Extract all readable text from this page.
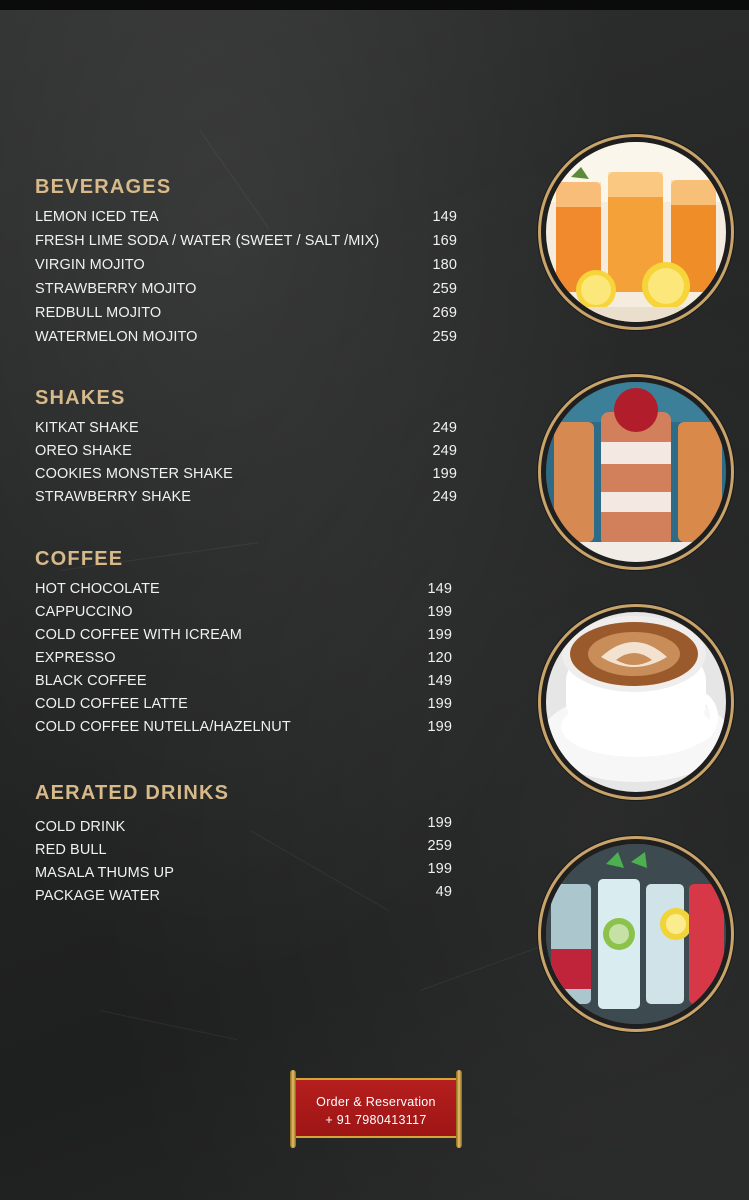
BEVERAGES
LEMON ICED TEA	149
FRESH LIME SODA / WATER (SWEET / SALT /MIX)	169
VIRGIN MOJITO	180
STRAWBERRY MOJITO	259
REDBULL MOJITO	269
WATERMELON MOJITO	259
SHAKES
KITKAT SHAKE	249
OREO SHAKE	249
COOKIES MONSTER SHAKE	199
STRAWBERRY SHAKE	249
COFFEE
HOT CHOCOLATE	149
CAPPUCCINO	199
COLD COFFEE WITH ICREAM	199
EXPRESSO	120
BLACK COFFEE	149
COLD COFFEE LATTE	199
COLD COFFEE NUTELLA/HAZELNUT	199
AERATED DRINKS
COLD DRINK	199
RED BULL	259
MASALA THUMS UP	199
PACKAGE WATER	49
Order & Reservation
+ 91 7980413117
